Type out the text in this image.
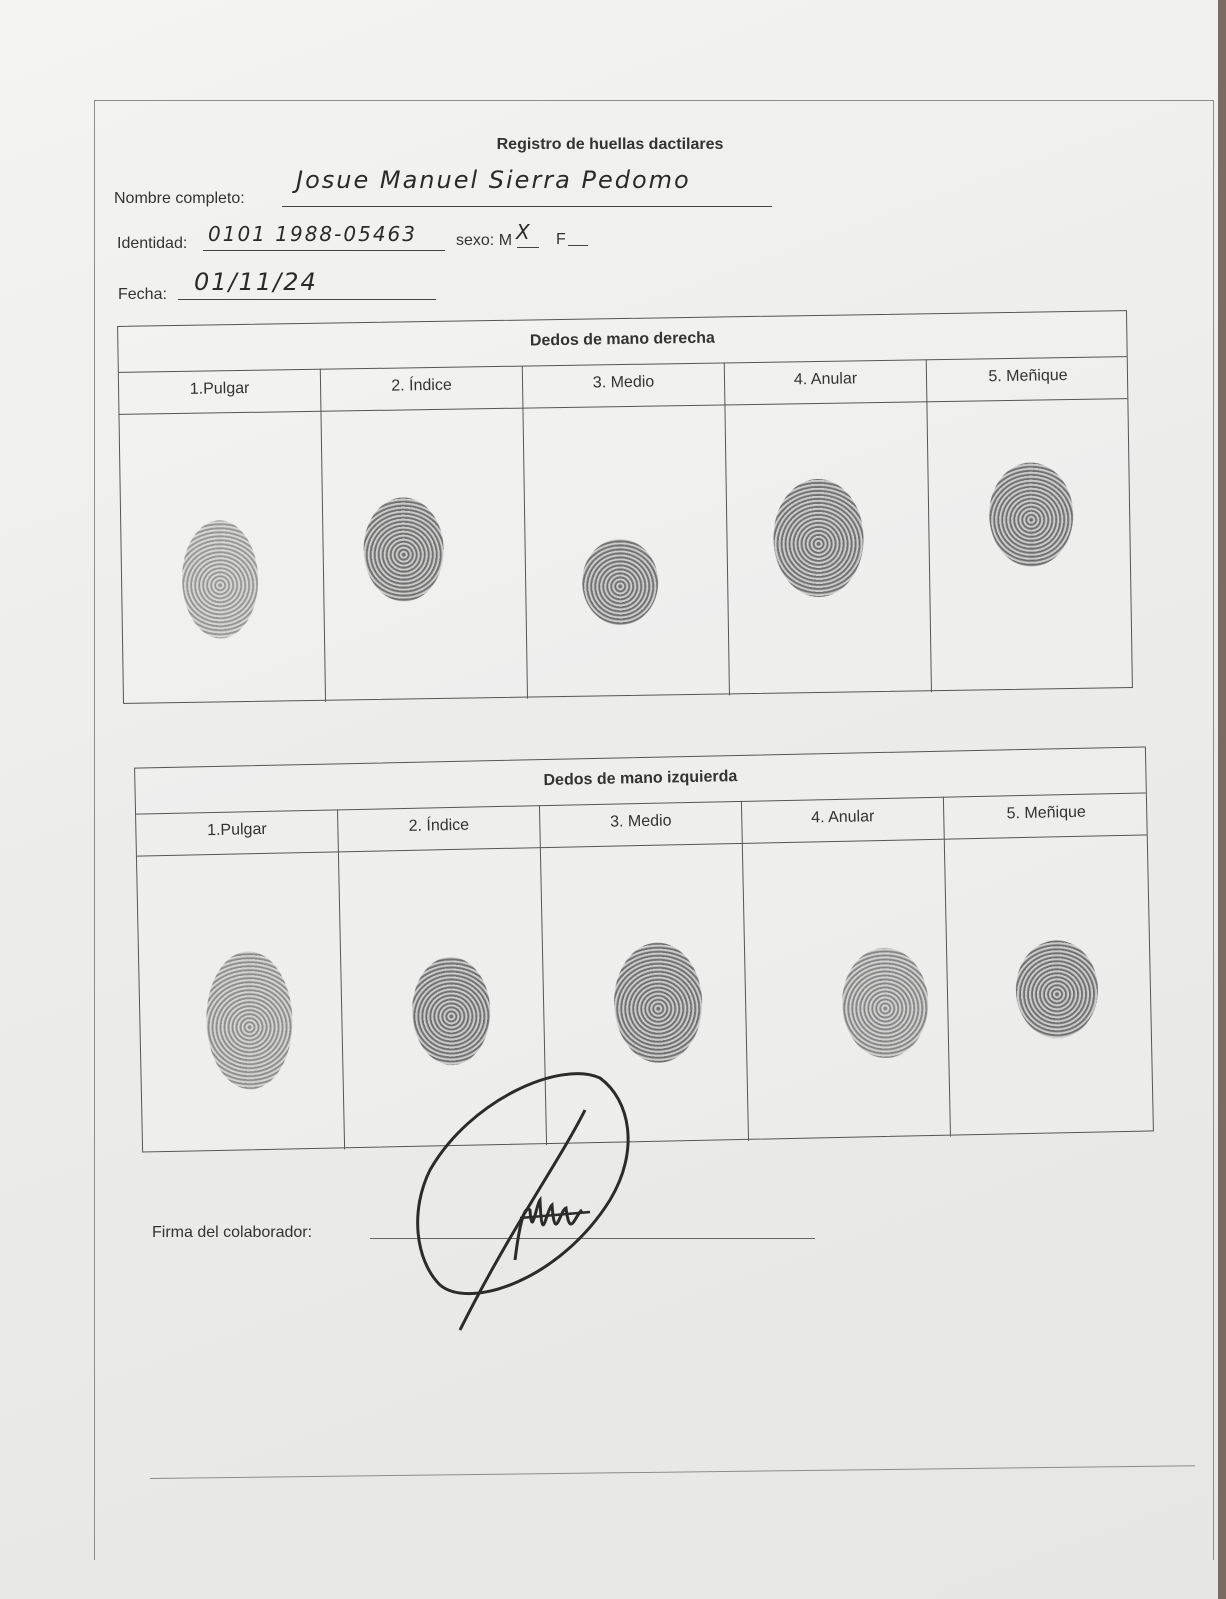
Registro de huellas dactilares
Nombre completo:
Josue Manuel Sierra Pedomo
Identidad: 0101 1988-05463 sexo: M X F
Fecha: 01/11/24
Dedos de mano derecha
1.Pulgar	2. Índice	3. Medio	4. Anular	5. Meñique
Dedos de mano izquierda
1.Pulgar	2. Índice	3. Medio	4. Anular	5. Meñique
Firma del colaborador:
